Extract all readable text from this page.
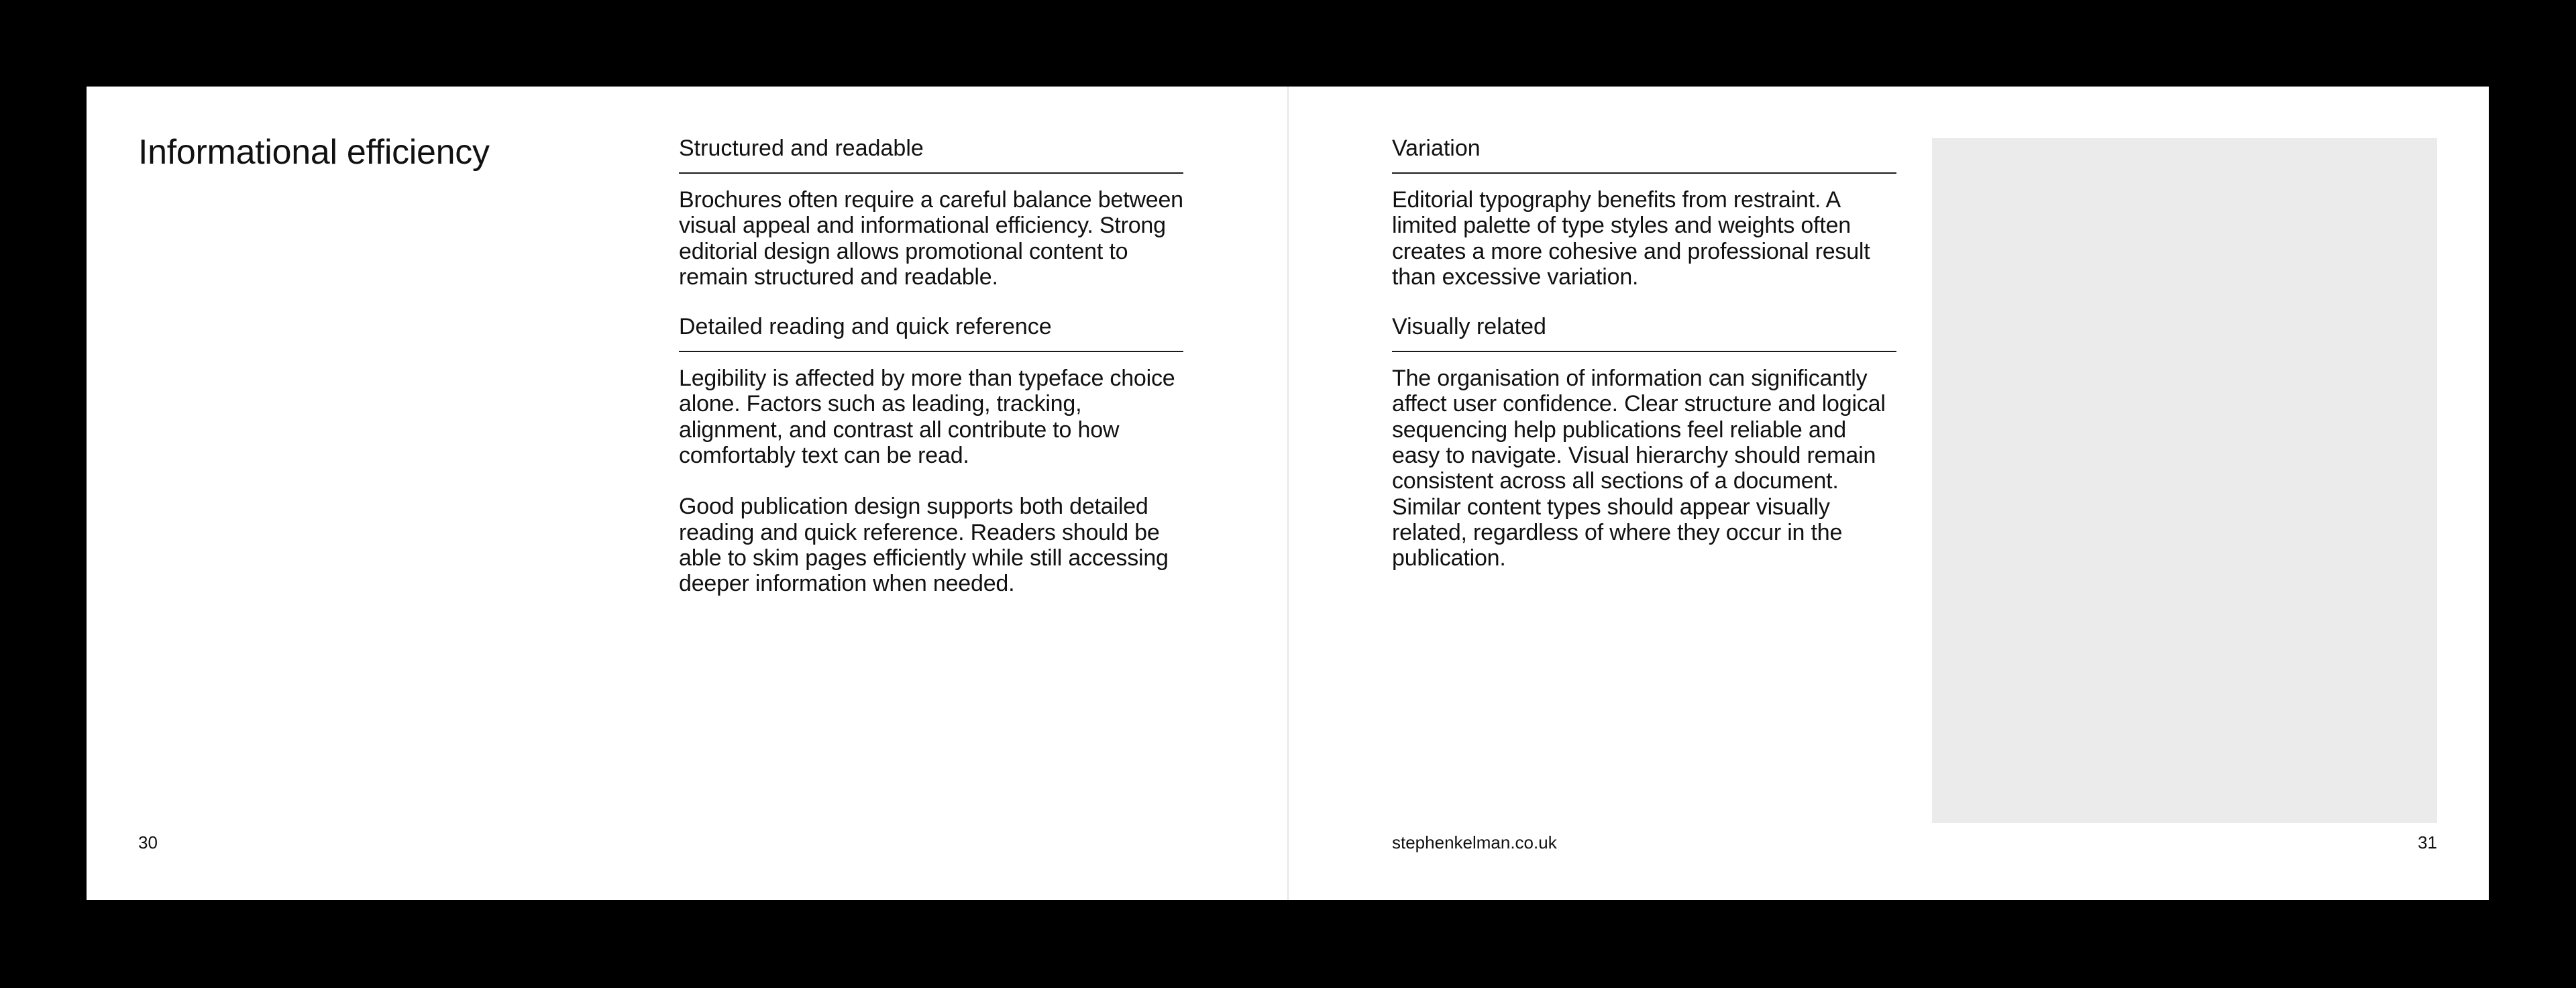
Informational efficiency	Structured and readable

Brochures often require a careful balance between visual appeal and informational efficiency. Strong editorial design allows promotional content to remain structured and readable.

Detailed reading and quick reference

Legibility is affected by more than typeface choice alone. Factors such as leading, tracking, alignment, and contrast all contribute to how comfortably text can be read.

Good publication design supports both detailed reading and quick reference. Readers should be able to skim pages efficiently while still accessing deeper information when needed.

30
Variation

Editorial typography benefits from restraint. A limited palette of type styles and weights often creates a more cohesive and professional result than excessive variation.

Visually related

The organisation of information can significantly affect user confidence. Clear structure and logical sequencing help publications feel reliable and easy to navigate. Visual hierarchy should remain consistent across all sections of a document. Similar content types should appear visually related, regardless of where they occur in the publication.

stephenkelman.co.uk	31
